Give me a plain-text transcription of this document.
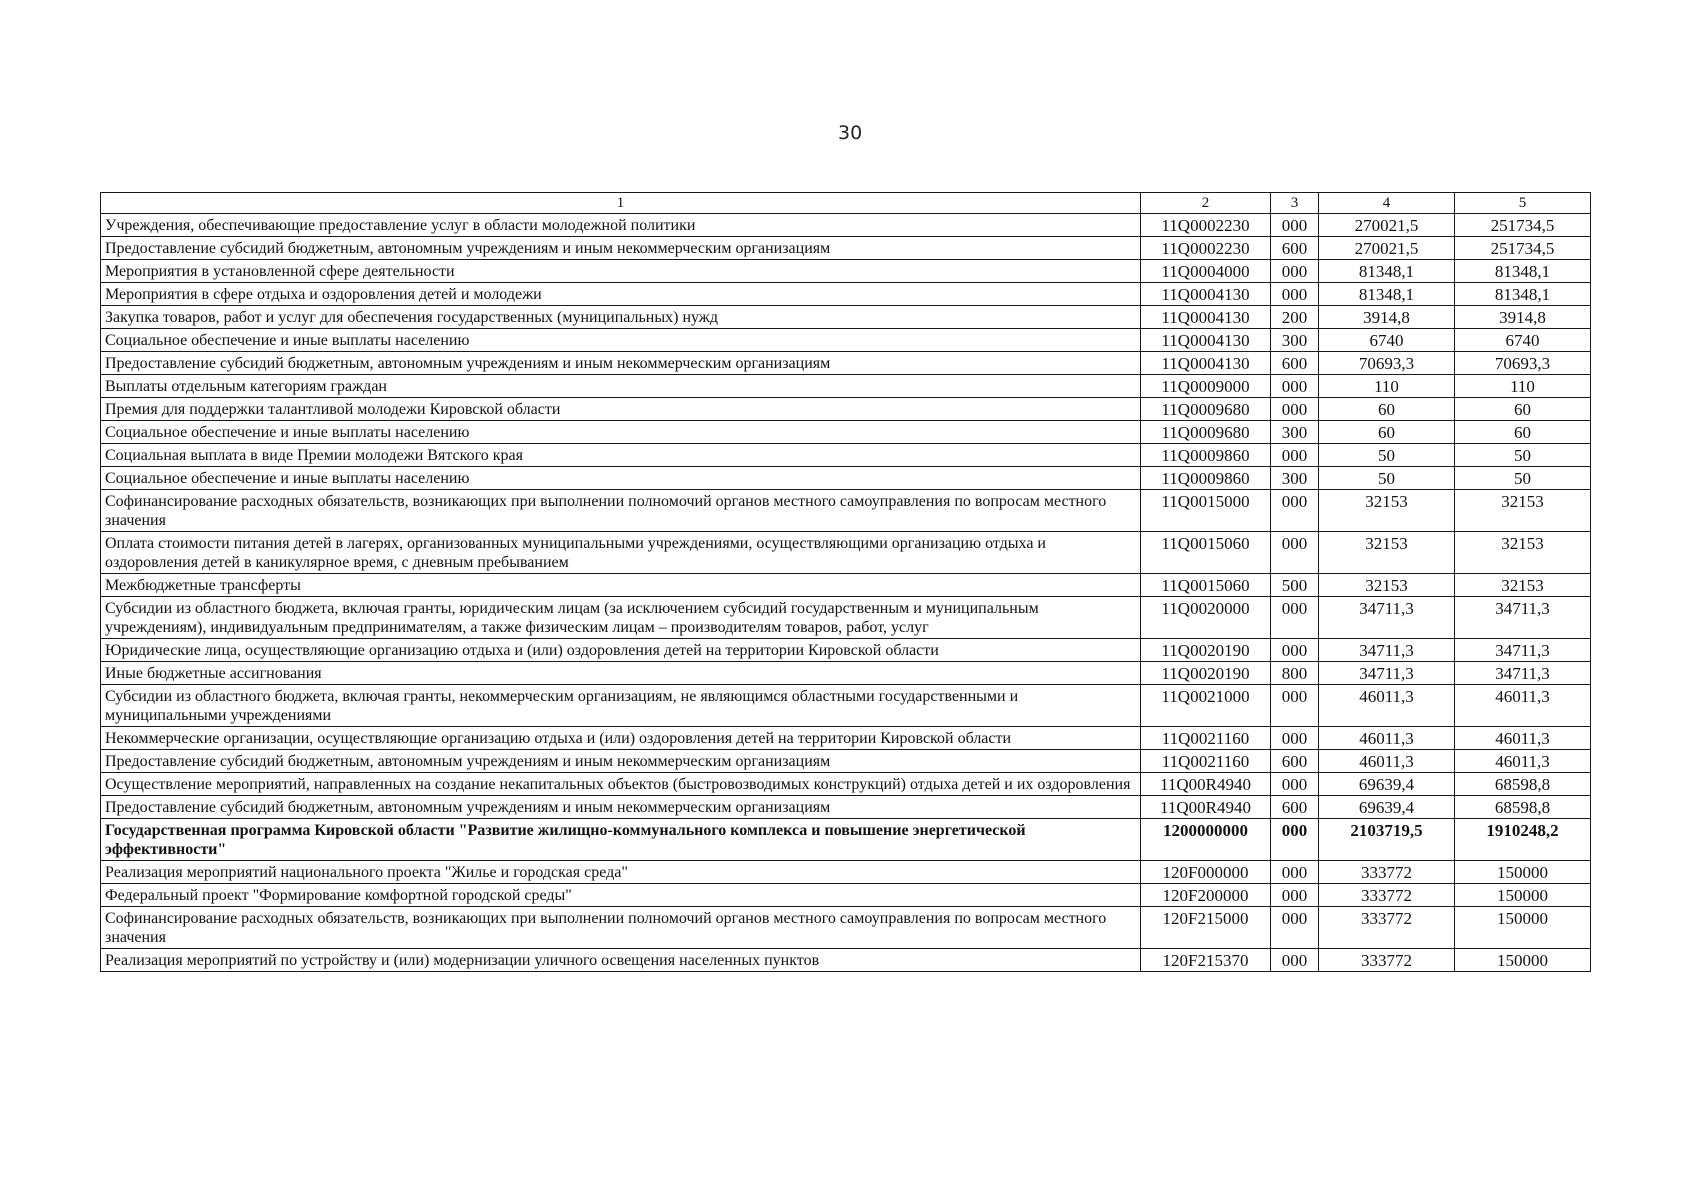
30
1	2	3	4	5
Учреждения, обеспечивающие предоставление услуг в области молодежной политики	11Q0002230	000	270021,5	251734,5
Предоставление субсидий бюджетным, автономным учреждениям и иным некоммерческим организациям	11Q0002230	600	270021,5	251734,5
Мероприятия в установленной сфере деятельности	11Q0004000	000	81348,1	81348,1
Мероприятия в сфере отдыха и оздоровления детей и молодежи	11Q0004130	000	81348,1	81348,1
Закупка товаров, работ и услуг для обеспечения государственных (муниципальных) нужд	11Q0004130	200	3914,8	3914,8
Социальное обеспечение и иные выплаты населению	11Q0004130	300	6740	6740
Предоставление субсидий бюджетным, автономным учреждениям и иным некоммерческим организациям	11Q0004130	600	70693,3	70693,3
Выплаты отдельным категориям граждан	11Q0009000	000	110	110
Премия для поддержки талантливой молодежи Кировской области	11Q0009680	000	60	60
Социальное обеспечение и иные выплаты населению	11Q0009680	300	60	60
Социальная выплата в виде Премии молодежи Вятского края	11Q0009860	000	50	50
Социальное обеспечение и иные выплаты населению	11Q0009860	300	50	50
Софинансирование расходных обязательств, возникающих при выполнении полномочий органов местного самоуправления по вопросам местного значения	11Q0015000	000	32153	32153
Оплата стоимости питания детей в лагерях, организованных муниципальными учреждениями, осуществляющими организацию отдыха и оздоровления детей в каникулярное время, с дневным пребыванием	11Q0015060	000	32153	32153
Межбюджетные трансферты	11Q0015060	500	32153	32153
Субсидии из областного бюджета, включая гранты, юридическим лицам (за исключением субсидий государственным и муниципальным учреждениям), индивидуальным предпринимателям, а также физическим лицам – производителям товаров, работ, услуг	11Q0020000	000	34711,3	34711,3
Юридические лица, осуществляющие организацию отдыха и (или) оздоровления детей на территории Кировской области	11Q0020190	000	34711,3	34711,3
Иные бюджетные ассигнования	11Q0020190	800	34711,3	34711,3
Субсидии из областного бюджета, включая гранты, некоммерческим организациям, не являющимся областными государственными и муниципальными учреждениями	11Q0021000	000	46011,3	46011,3
Некоммерческие организации, осуществляющие организацию отдыха и (или) оздоровления детей на территории Кировской области	11Q0021160	000	46011,3	46011,3
Предоставление субсидий бюджетным, автономным учреждениям и иным некоммерческим организациям	11Q0021160	600	46011,3	46011,3
Осуществление мероприятий, направленных на создание некапитальных объектов (быстровозводимых конструкций) отдыха детей и их оздоровления	11Q00R4940	000	69639,4	68598,8
Предоставление субсидий бюджетным, автономным учреждениям и иным некоммерческим организациям	11Q00R4940	600	69639,4	68598,8
Государственная программа Кировской области "Развитие жилищно-коммунального комплекса и повышение энергетической эффективности"	1200000000	000	2103719,5	1910248,2
Реализация мероприятий национального проекта "Жилье и городская среда"	120F000000	000	333772	150000
Федеральный проект "Формирование комфортной городской среды"	120F200000	000	333772	150000
Софинансирование расходных обязательств, возникающих при выполнении полномочий органов местного самоуправления по вопросам местного значения	120F215000	000	333772	150000
Реализация мероприятий по устройству и (или) модернизации уличного освещения населенных пунктов	120F215370	000	333772	150000
